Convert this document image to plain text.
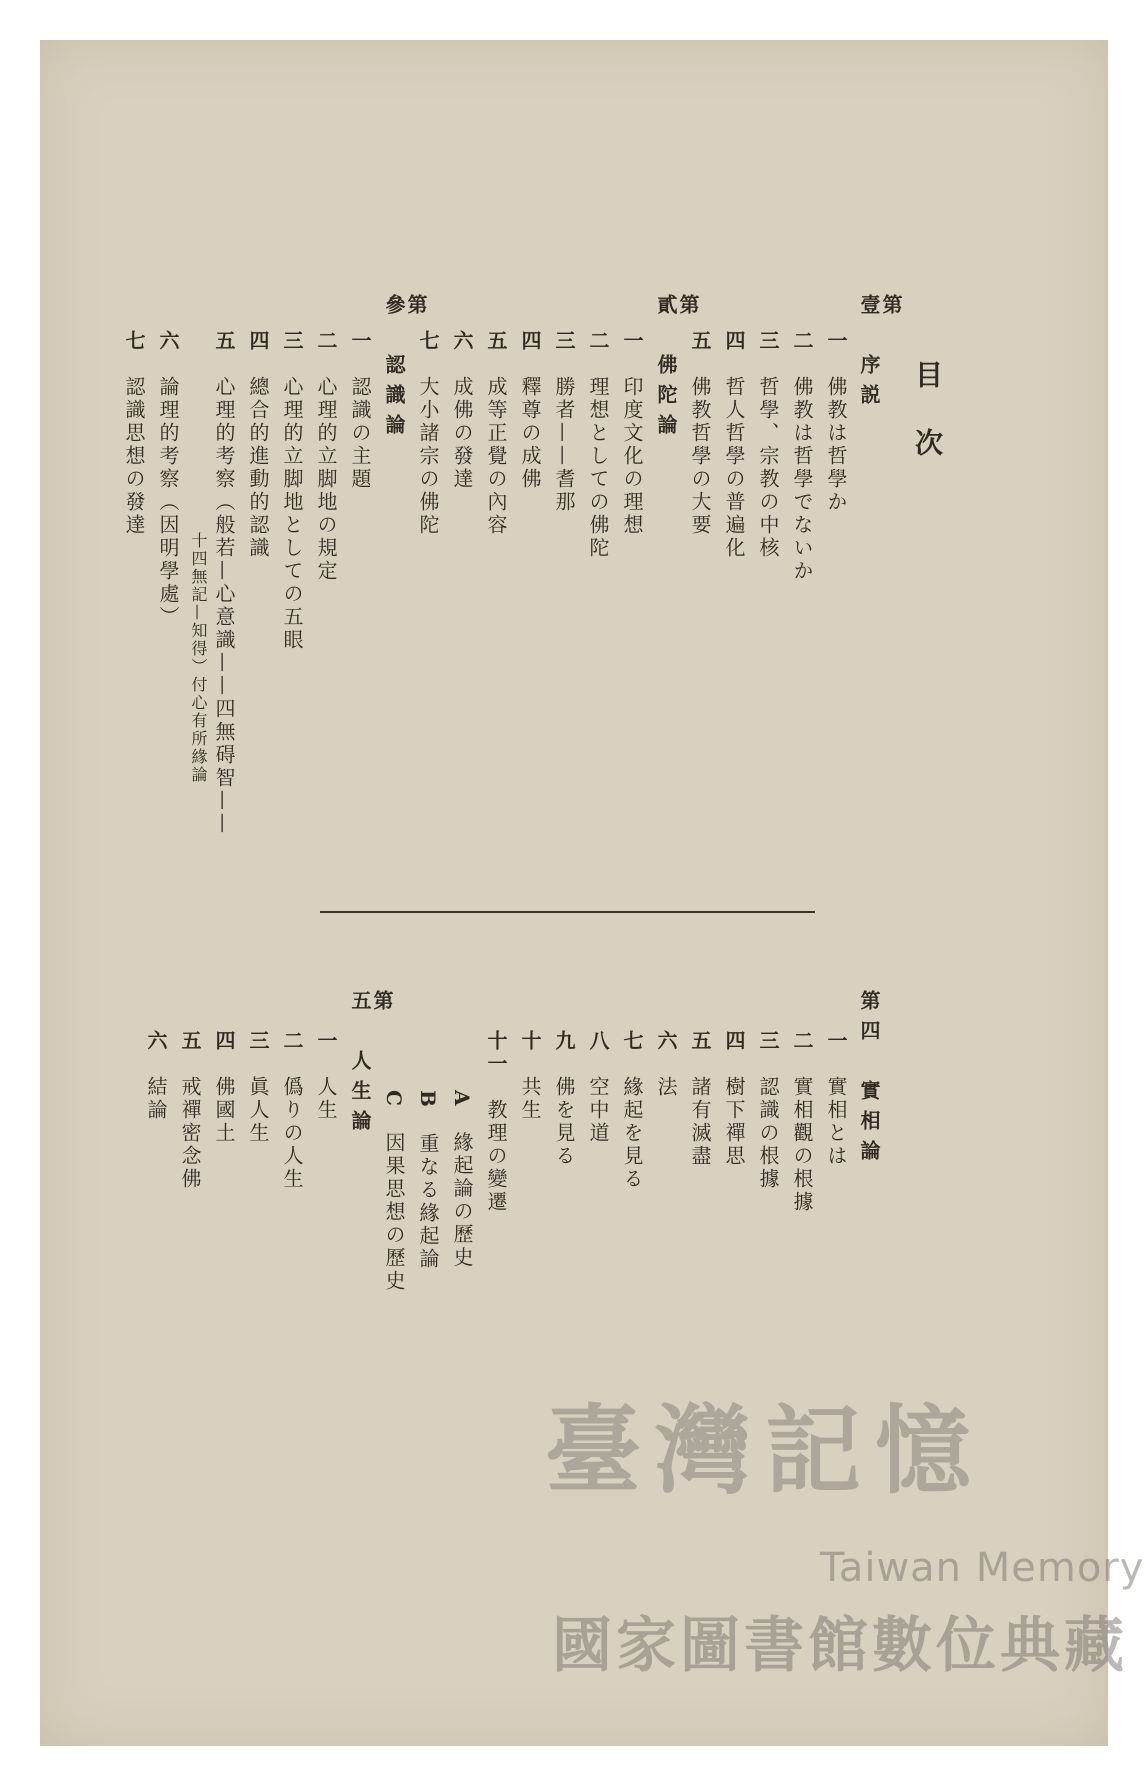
目次
第
壹　序説
一　佛教は哲學か
二　佛教は哲學でないか
三　哲學、宗教の中核
四　哲人哲學の普遍化
五　佛教哲學の大要
第
貳　佛陀論
一　印度文化の理想
二　理想としての佛陀
三　勝者——耆那
四　釋尊の成佛
五　成等正覺の內容
六　成佛の發達
七　大小諸宗の佛陀
第
參　認識論
一　認識の主題
二　心理的立脚地の規定
三　心理的立脚地としての五眼
四　總合的進動的認識
五　心理的考察（般若—心意識——四無碍智——
十四無記—知得）付心有所緣論
六　論理的考察（因明學處）
七　認識思想の發達
第四　實相論
一　實相とは
二　實相觀の根據
三　認識の根據
四　樹下禪思
五　諸有滅盡
六　法
七　緣起を見る
八　空中道
九　佛を見る
十　共生
十一　教理の變遷
A　緣起論の歷史
B　重なる緣起論
C　因果思想の歷史
第
五　人生論
一　人生
二　僞りの人生
三　眞人生
四　佛國土
五　戒禪密念佛
六　結論
臺灣記憶
Taiwan Memory
國家圖書館數位典藏
